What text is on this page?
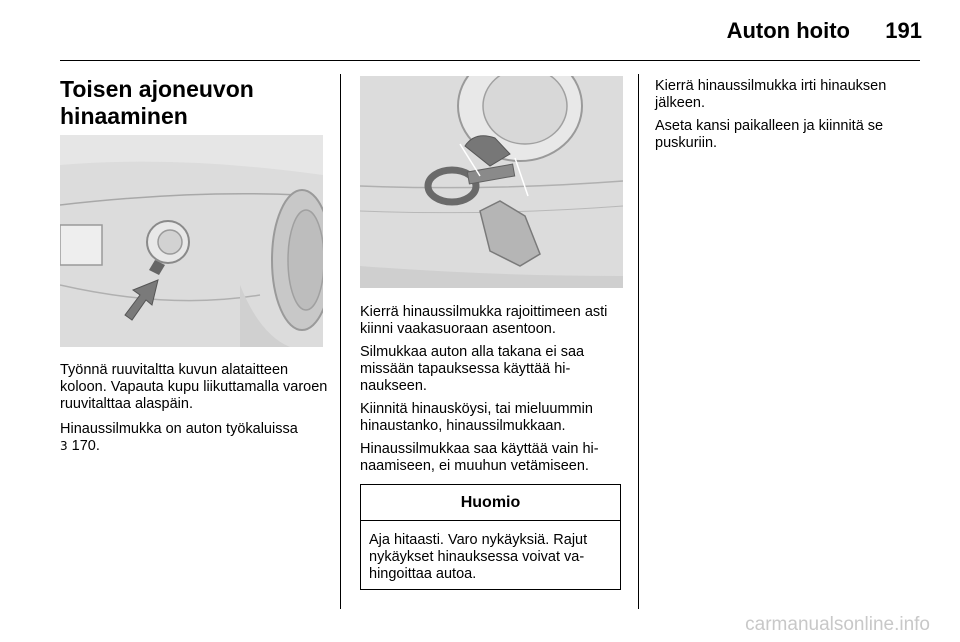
Auton hoito	191
Toisen ajoneuvon
hinaaminen

Työnnä ruuvitaltta kuvun alataitteen koloon. Vapauta kupu liikuttamalla varoen ruuvitalttaa alaspäin.

Hinaussilmukka on auton työkaluissa
3 170.

Kierrä hinaussilmukka rajoittimeen asti kiinni vaakasuoraan asentoon.

Silmukkaa auton alla takana ei saa missään tapauksessa käyttää hi-naukseen.

Kiinnitä hinausköysi, tai mieluummin hinaustanko, hinaussilmukkaan.

Hinaussilmukkaa saa käyttää vain hi-naamiseen, ei muuhun vetämiseen.

Huomio

Aja hitaasti. Varo nykäyksiä. Rajut nykäykset hinauksessa voivat va-hingoittaa autoa.

Kierrä hinaussilmukka irti hinauksen jälkeen.

Aseta kansi paikalleen ja kiinnitä se puskuriin.

carmanualsonline.info
